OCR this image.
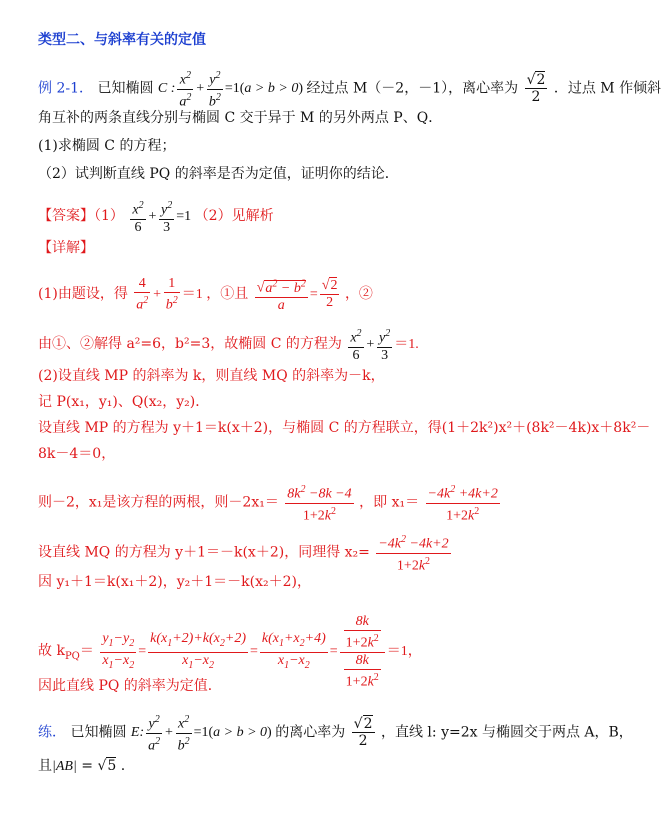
类型二、与斜率有关的定值
例 2-1． 已知椭圆 C : $\frac{x^2}{a^2} + \frac{y^2}{b^2} =1(a > b > 0)$ 经过点 M（－2，－1），离心率为 $\frac{√2}{2}$ ．过点 M 作倾斜
角互补的两条直线分别与椭圆 C 交于异于 M 的另外两点 P、Q．
(1)求椭圆 C 的方程；
（2）试判断直线 PQ 的斜率是否为定值，证明你的结论．
【答案】$(1) \frac{x^2}{6} + \frac{y^2}{3} =1$ （2）见解析
【详解】
(1)由题设，得 $\frac{4}{a^2} + \frac{1}{b^2} =1$ ，①且 $\frac{√a^2 - b^2}{a} = \frac{√2}{2}$ ，②
由①、②解得 a²=6，b²=3，故椭圆 C 的方程为 $\frac{x^2}{6} + \frac{y^2}{3} =1$.
(2)设直线 MP 的斜率为 k，则直线 MQ 的斜率为－k，
记 P(x₁，y₁)、Q(x₂，y₂)．
设直线 MP 的方程为 y＋1＝k(x＋2)，与椭圆 C 的方程联立，得(1＋2k²)x²＋(8k²－4k)x＋8k²－
8k－4＝0，
则－2，x₁是该方程的两根，则$-2x_1= \frac{8k^2 -8k -4}{1+2k^2}$ ，即 $x_1= \frac{-4k^2 +4k+2}{1+2k^2}$
设直线 MQ 的方程为 y＋1＝－k(x＋2)，同理得 $x_2= \frac{-4k^2 -4k+2}{1+2k^2}$
因 y₁＋1＝k(x₁＋2)，y₂＋1＝－k(x₂＋2)，
故 $k_{PQ}= \frac{y_1-y_2}{x_1-x_2} = \frac{k(x_1+2)+k(x_2+2)}{x_1-x_2} = \frac{k(x_1+x_2+4)}{x_1-x_2} = \frac{\frac{8k}{1+2k^2}}{\frac{8k}{1+2k^2}} =1$，
因此直线 PQ 的斜率为定值．
练． 已知椭圆 E: $\frac{y^2}{a^2} + \frac{x^2}{b^2} =1(a > b > 0)$ 的离心率为 $\frac{√2}{2}$ ，直线 l: y=2x 与椭圆交于两点 A，B，
且|AB| = √5 .
